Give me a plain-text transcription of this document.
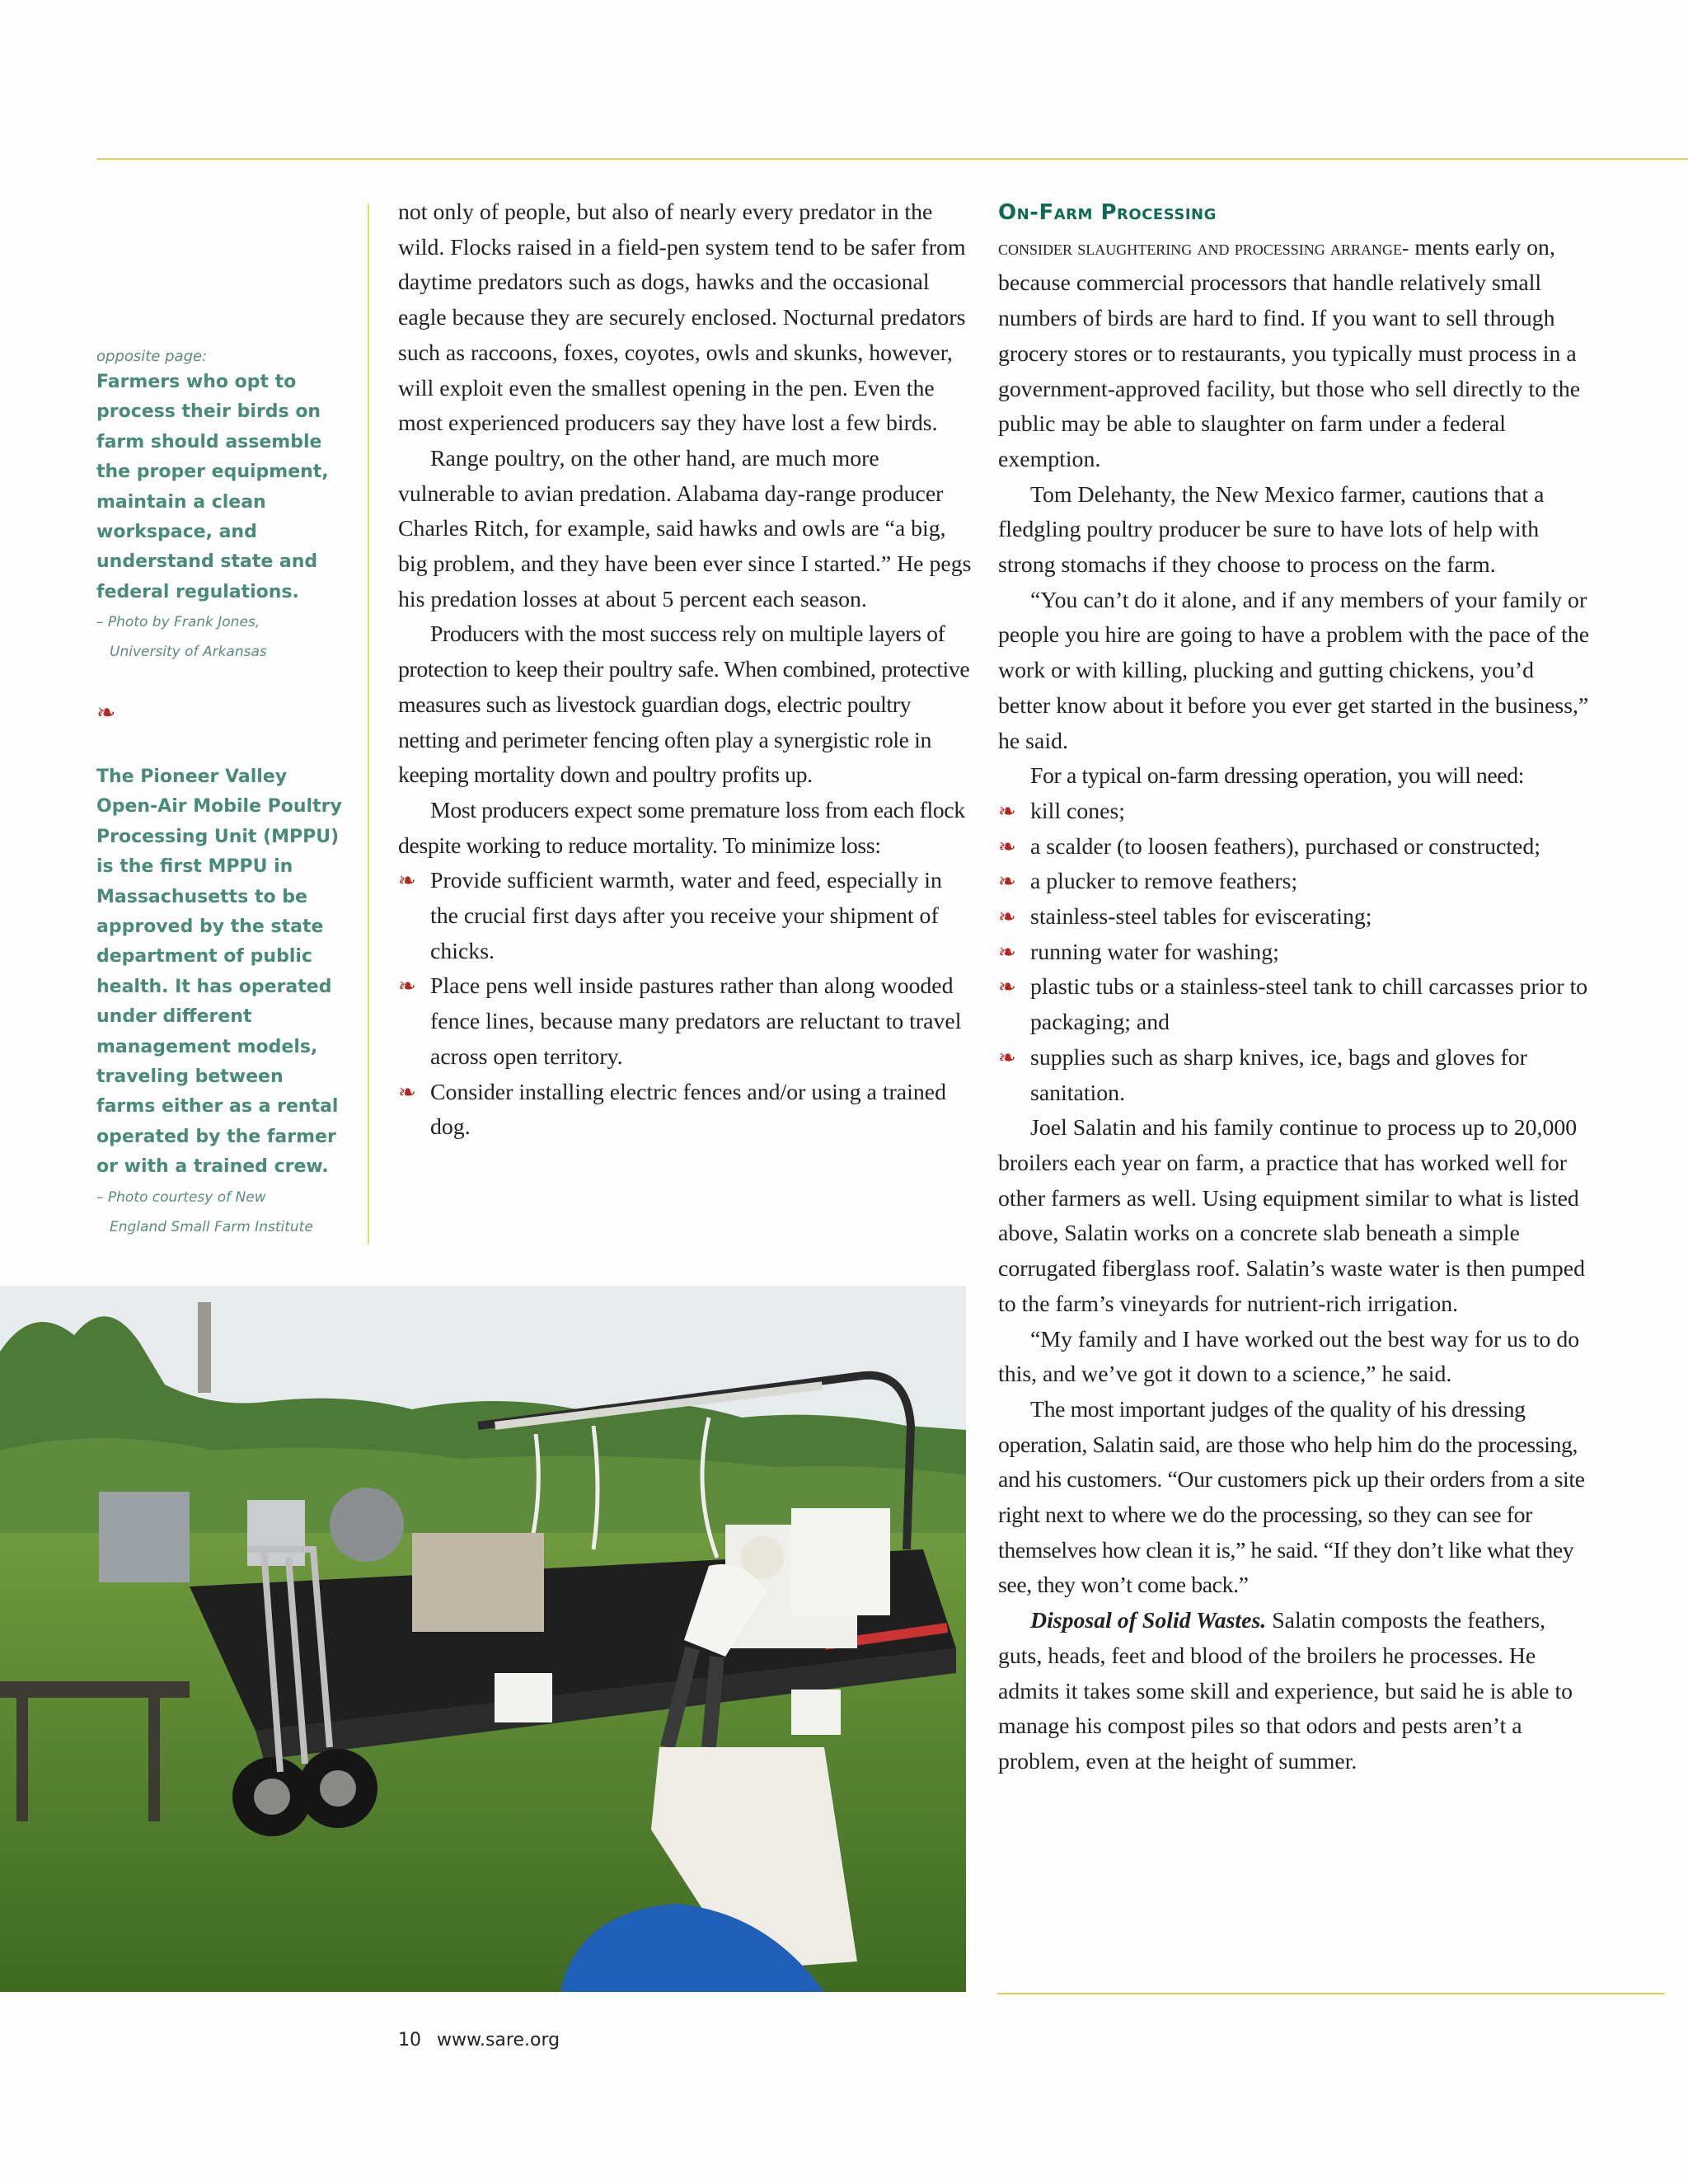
opposite page:
Farmers who opt to process their birds on farm should assemble the proper equipment, maintain a clean workspace, and understand state and federal regulations.
– Photo by Frank Jones,
University of Arkansas
❧
The Pioneer Valley Open-Air Mobile Poultry Processing Unit (MPPU) is the first MPPU in Massachusetts to be approved by the state department of public health. It has operated under different management models, traveling between farms either as a rental operated by the farmer or with a trained crew.
– Photo courtesy of New
England Small Farm Institute

not only of people, but also of nearly every predator in the wild. Flocks raised in a field-pen system tend to be safer from daytime predators such as dogs, hawks and the occasional eagle because they are securely enclosed. Nocturnal predators such as raccoons, foxes, coyotes, owls and skunks, however, will exploit even the smallest opening in the pen. Even the most experienced producers say they have lost a few birds.

Range poultry, on the other hand, are much more vulnerable to avian predation. Alabama day-range producer Charles Ritch, for example, said hawks and owls are “a big, big problem, and they have been ever since I started.” He pegs his predation losses at about 5 percent each season.

Producers with the most success rely on multiple layers of protection to keep their poultry safe. When combined, protective measures such as livestock guardian dogs, electric poultry netting and perimeter fencing often play a synergistic role in keeping mortality down and poultry profits up.

Most producers expect some premature loss from each flock despite working to reduce mortality. To minimize loss:

❧ Provide sufficient warmth, water and feed, especially in the crucial first days after you receive your shipment of chicks.
❧ Place pens well inside pastures rather than along wooded fence lines, because many predators are reluctant to travel across open territory.
❧ Consider installing electric fences and/or using a trained dog.
On-Farm Processing

consider slaughtering and processing arrange- ments early on, because commercial processors that handle relatively small numbers of birds are hard to find. If you want to sell through grocery stores or to restaurants, you typically must process in a government-approved facility, but those who sell directly to the public may be able to slaughter on farm under a federal exemption.

Tom Delehanty, the New Mexico farmer, cautions that a fledgling poultry producer be sure to have lots of help with strong stomachs if they choose to process on the farm.

“You can’t do it alone, and if any members of your family or people you hire are going to have a problem with the pace of the work or with killing, plucking and gutting chickens, you’d better know about it before you ever get started in the business,” he said.

For a typical on-farm dressing operation, you will need:

❧ kill cones;
❧ a scalder (to loosen feathers), purchased or constructed;
❧ a plucker to remove feathers;
❧ stainless-steel tables for eviscerating;
❧ running water for washing;
❧ plastic tubs or a stainless-steel tank to chill carcasses prior to packaging; and
❧ supplies such as sharp knives, ice, bags and gloves for sanitation.

Joel Salatin and his family continue to process up to 20,000 broilers each year on farm, a practice that has worked well for other farmers as well. Using equipment similar to what is listed above, Salatin works on a concrete slab beneath a simple corrugated fiberglass roof. Salatin’s waste water is then pumped to the farm’s vineyards for nutrient-rich irrigation.

“My family and I have worked out the best way for us to do this, and we’ve got it down to a science,” he said.

The most important judges of the quality of his dressing operation, Salatin said, are those who help him do the processing, and his customers. “Our customers pick up their orders from a site right next to where we do the processing, so they can see for themselves how clean it is,” he said. “If they don’t like what they see, they won’t come back.”

Disposal of Solid Wastes. Salatin composts the feathers, guts, heads, feet and blood of the broilers he processes. He admits it takes some skill and experience, but said he is able to manage his compost piles so that odors and pests aren’t a problem, even at the height of summer.

10 www.sare.org
